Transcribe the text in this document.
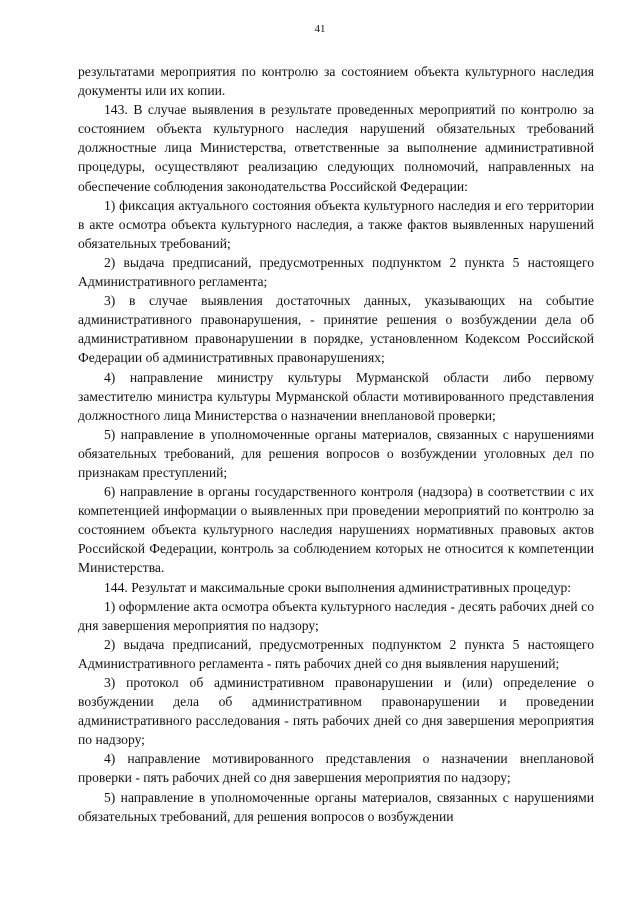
41

результатами мероприятия по контролю за состоянием объекта культурного наследия документы или их копии.

143. В случае выявления в результате проведенных мероприятий по контролю за состоянием объекта культурного наследия нарушений обязательных требований должностные лица Министерства, ответственные за выполнение административной процедуры, осуществляют реализацию следующих полномочий, направленных на обеспечение соблюдения законодательства Российской Федерации:

1) фиксация актуального состояния объекта культурного наследия и его территории в акте осмотра объекта культурного наследия, а также фактов выявленных нарушений обязательных требований;

2) выдача предписаний, предусмотренных подпунктом 2 пункта 5 настоящего Административного регламента;

3) в случае выявления достаточных данных, указывающих на событие административного правонарушения, - принятие решения о возбуждении дела об административном правонарушении в порядке, установленном Кодексом Российской Федерации об административных правонарушениях;

4) направление министру культуры Мурманской области либо первому заместителю министра культуры Мурманской области мотивированного представления должностного лица Министерства о назначении внеплановой проверки;

5) направление в уполномоченные органы материалов, связанных с нарушениями обязательных требований, для решения вопросов о возбуждении уголовных дел по признакам преступлений;

6) направление в органы государственного контроля (надзора) в соответствии с их компетенцией информации о выявленных при проведении мероприятий по контролю за состоянием объекта культурного наследия нарушениях нормативных правовых актов Российской Федерации, контроль за соблюдением которых не относится к компетенции Министерства.

144. Результат и максимальные сроки выполнения административных процедур:

1) оформление акта осмотра объекта культурного наследия - десять рабочих дней со дня завершения мероприятия по надзору;

2) выдача предписаний, предусмотренных подпунктом 2 пункта 5 настоящего Административного регламента - пять рабочих дней со дня выявления нарушений;

3) протокол об административном правонарушении и (или) определение о возбуждении дела об административном правонарушении и проведении административного расследования - пять рабочих дней со дня завершения мероприятия по надзору;

4) направление мотивированного представления о назначении внеплановой проверки - пять рабочих дней со дня завершения мероприятия по надзору;

5) направление в уполномоченные органы материалов, связанных с нарушениями обязательных требований, для решения вопросов о возбуждении
